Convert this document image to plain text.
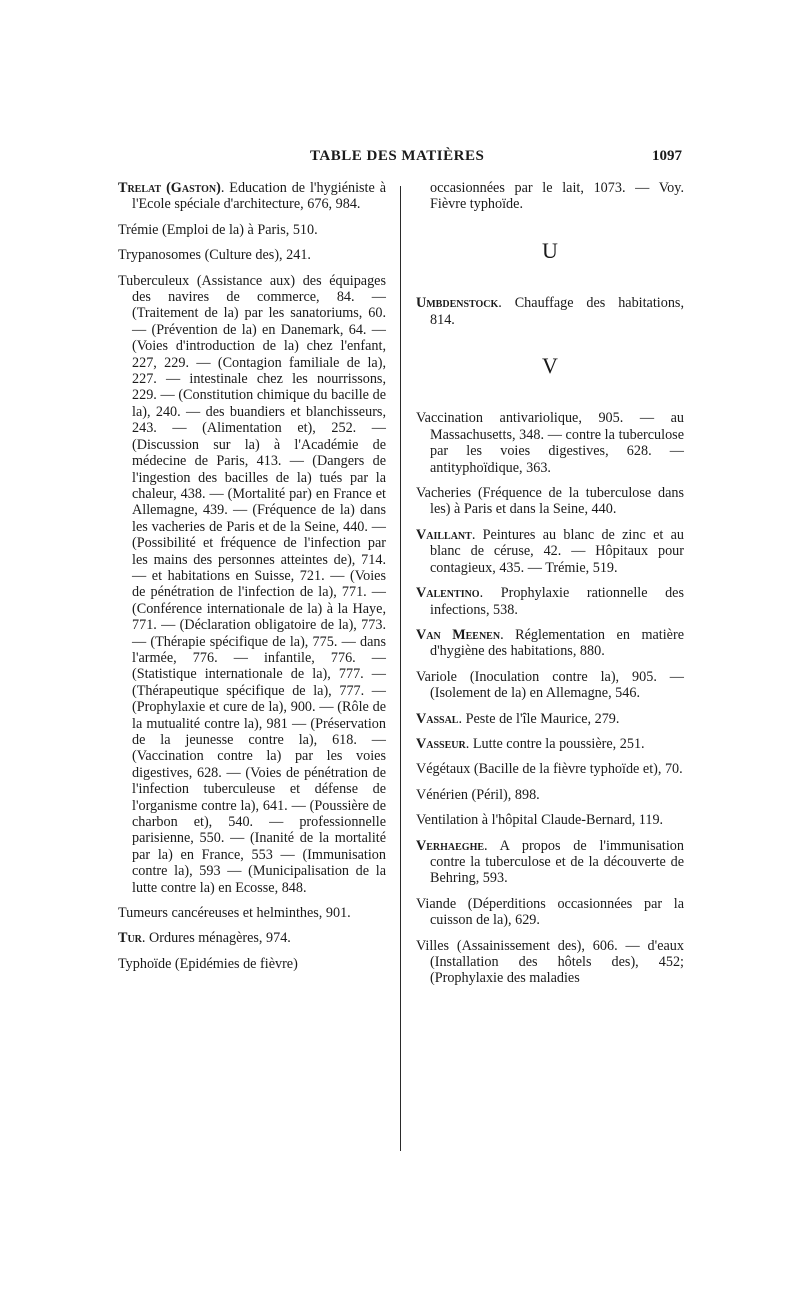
TABLE DES MATIÈRES	1097

Trelat (Gaston). Education de l'hygiéniste à l'Ecole spéciale d'architecture, 676, 984.

Trémie (Emploi de la) à Paris, 510.

Trypanosomes (Culture des), 241.

Tuberculeux (Assistance aux) des équipages des navires de commerce, 84. — (Traitement de la) par les sanatoriums, 60. — (Prévention de la) en Danemark, 64. — (Voies d'introduction de la) chez l'enfant, 227, 229. — (Contagion familiale de la), 227. — intestinale chez les nourrissons, 229. — (Constitution chimique du bacille de la), 240. — des buandiers et blanchisseurs, 243. — (Alimentation et), 252. — (Discussion sur la) à l'Académie de médecine de Paris, 413. — (Dangers de l'ingestion des bacilles de la) tués par la chaleur, 438. — (Mortalité par) en France et Allemagne, 439. — (Fréquence de la) dans les vacheries de Paris et de la Seine, 440. — (Possibilité et fréquence de l'infection par les mains des personnes atteintes de), 714. — et habitations en Suisse, 721. — (Voies de pénétration de l'infection de la), 771. — (Conférence internationale de la) à la Haye, 771. — (Déclaration obligatoire de la), 773. — (Thérapie spécifique de la), 775. — dans l'armée, 776. — infantile, 776. — (Statistique internationale de la), 777. — (Thérapeutique spécifique de la), 777. — (Prophylaxie et cure de la), 900. — (Rôle de la mutualité contre la), 981 — (Préservation de la jeunesse contre la), 618. — (Vaccination contre la) par les voies digestives, 628. — (Voies de pénétration de l'infection tuberculeuse et défense de l'organisme contre la), 641. — (Poussière de charbon et), 540. — professionnelle parisienne, 550. — (Inanité de la mortalité par la) en France, 553 — (Immunisation contre la), 593 — (Municipalisation de la lutte contre la) en Ecosse, 848.

Tumeurs cancéreuses et helminthes, 901.

Tur. Ordures ménagères, 974.

Typhoïde (Epidémies de fièvre)

occasionnées par le lait, 1073. — Voy. Fièvre typhoïde.

U

Umbdenstock. Chauffage des habitations, 814.

V

Vaccination antivariolique, 905. — au Massachusetts, 348. — contre la tuberculose par les voies digestives, 628. — antityphoïdique, 363.

Vacheries (Fréquence de la tuberculose dans les) à Paris et dans la Seine, 440.

Vaillant. Peintures au blanc de zinc et au blanc de céruse, 42. — Hôpitaux pour contagieux, 435. — Trémie, 519.

Valentino. Prophylaxie rationnelle des infections, 538.

Van Meenen. Réglementation en matière d'hygiène des habitations, 880.

Variole (Inoculation contre la), 905. — (Isolement de la) en Allemagne, 546.

Vassal. Peste de l'île Maurice, 279.

Vasseur. Lutte contre la poussière, 251.

Végétaux (Bacille de la fièvre typhoïde et), 70.

Vénérien (Péril), 898.

Ventilation à l'hôpital Claude-Bernard, 119.

Verhaeghe. A propos de l'immunisation contre la tuberculose et de la découverte de Behring, 593.

Viande (Déperditions occasionnées par la cuisson de la), 629.

Villes (Assainissement des), 606. — d'eaux (Installation des hôtels des), 452; (Prophylaxie des maladies
